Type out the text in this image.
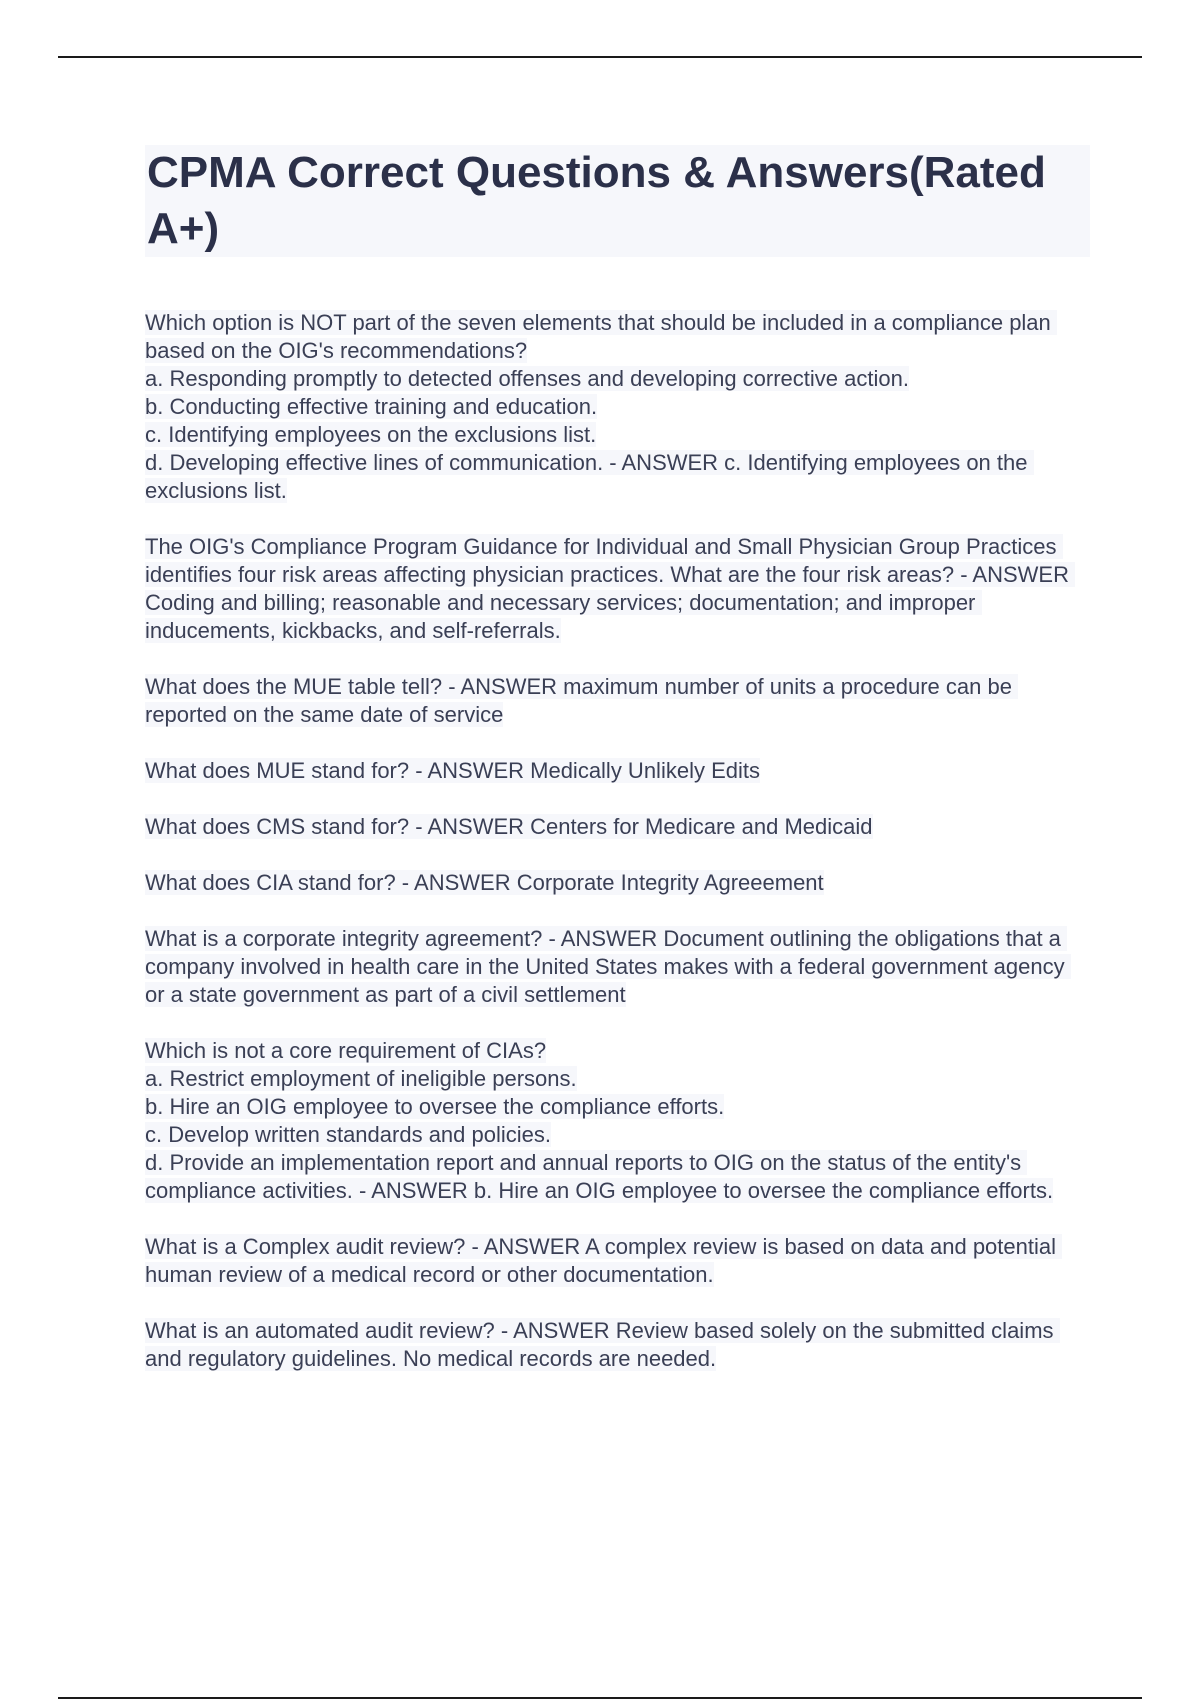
CPMA Correct Questions & Answers(Rated A+)
Which option is NOT part of the seven elements that should be included in a compliance plan based on the OIG's recommendations?
a. Responding promptly to detected offenses and developing corrective action.
b. Conducting effective training and education.
c. Identifying employees on the exclusions list.
d. Developing effective lines of communication. - ANSWER c. Identifying employees on the exclusions list.
The OIG's Compliance Program Guidance for Individual and Small Physician Group Practices identifies four risk areas affecting physician practices. What are the four risk areas? - ANSWER Coding and billing; reasonable and necessary services; documentation; and improper inducements, kickbacks, and self-referrals.
What does the MUE table tell? - ANSWER maximum number of units a procedure can be reported on the same date of service
What does MUE stand for? - ANSWER Medically Unlikely Edits
What does CMS stand for? - ANSWER Centers for Medicare and Medicaid
What does CIA stand for? - ANSWER Corporate Integrity Agreeement
What is a corporate integrity agreement? - ANSWER Document outlining the obligations that a company involved in health care in the United States makes with a federal government agency or a state government as part of a civil settlement
Which is not a core requirement of CIAs?
a. Restrict employment of ineligible persons.
b. Hire an OIG employee to oversee the compliance efforts.
c. Develop written standards and policies.
d. Provide an implementation report and annual reports to OIG on the status of the entity's compliance activities. - ANSWER b. Hire an OIG employee to oversee the compliance efforts.
What is a Complex audit review? - ANSWER A complex review is based on data and potential human review of a medical record or other documentation.
What is an automated audit review? - ANSWER Review based solely on the submitted claims and regulatory guidelines. No medical records are needed.
